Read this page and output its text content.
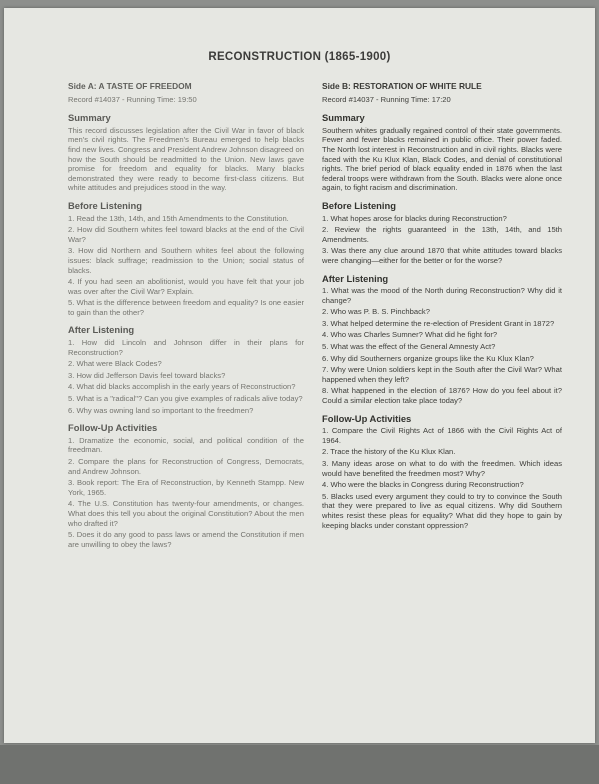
RECONSTRUCTION (1865-1900)
Side A: A TASTE OF FREEDOM
Record #14037 - Running Time: 19:50
Summary

This record discusses legislation after the Civil War in favor of black men's civil rights. The Freedmen's Bureau emerged to help blacks find new lives. Congress and President Andrew Johnson disagreed on how the South should be readmitted to the Union. New laws gave promise for freedom and equality for blacks. Many blacks demonstrated they were ready to become first-class citizens. But white attitudes and prejudices stood in the way.

Before Listening
1. Read the 13th, 14th, and 15th Amendments to the Constitution.
2. How did Southern whites feel toward blacks at the end of the Civil War?
3. How did Northern and Southern whites feel about the following issues: black suffrage; readmission to the Union; social status of blacks.
4. If you had seen an abolitionist, would you have felt that your job was over after the Civil War? Explain.
5. What is the difference between freedom and equality? Is one easier to gain than the other?
After Listening
1. How did Lincoln and Johnson differ in their plans for Reconstruction?
2. What were Black Codes?
3. How did Jefferson Davis feel toward blacks?
4. What did blacks accomplish in the early years of Reconstruction?
5. What is a "radical"? Can you give examples of radicals alive today?
6. Why was owning land so important to the freedmen?
Follow-Up Activities
1. Dramatize the economic, social, and political condition of the freedman.
2. Compare the plans for Reconstruction of Congress, Democrats, and Andrew Johnson.
3. Book report: The Era of Reconstruction, by Kenneth Stampp. New York, 1965.
4. The U.S. Constitution has twenty-four amendments, or changes. What does this tell you about the original Constitution? About the men who drafted it?
5. Does it do any good to pass laws or amend the Constitution if men are unwilling to obey the laws?
Side B: RESTORATION OF WHITE RULE
Record #14037 - Running Time: 17:20
Summary

Southern whites gradually regained control of their state governments. Fewer and fewer blacks remained in public office. Their power faded. The North lost interest in Reconstruction and in civil rights. Blacks were faced with the Ku Klux Klan, Black Codes, and denial of constitutional rights. The brief period of black equality ended in 1876 when the last federal troops were withdrawn from the South. Blacks were alone once again, to fight racism and discrimination.

Before Listening
1. What hopes arose for blacks during Reconstruction?
2. Review the rights guaranteed in the 13th, 14th, and 15th Amendments.
3. Was there any clue around 1870 that white attitudes toward blacks were changing—either for the better or for the worse?
After Listening
1. What was the mood of the North during Reconstruction? Why did it change?
2. Who was P. B. S. Pinchback?
3. What helped determine the re-election of President Grant in 1872?
4. Who was Charles Sumner? What did he fight for?
5. What was the effect of the General Amnesty Act?
6. Why did Southerners organize groups like the Ku Klux Klan?
7. Why were Union soldiers kept in the South after the Civil War? What happened when they left?
8. What happened in the election of 1876? How do you feel about it? Could a similar election take place today?
Follow-Up Activities
1. Compare the Civil Rights Act of 1866 with the Civil Rights Act of 1964.
2. Trace the history of the Ku Klux Klan.
3. Many ideas arose on what to do with the freedmen. Which ideas would have benefited the freedmen most? Why?
4. Who were the blacks in Congress during Reconstruction?
5. Blacks used every argument they could to try to convince the South that they were prepared to live as equal citizens. Why did Southern whites resist these pleas for equality? What did they hope to gain by keeping blacks under constant oppression?
